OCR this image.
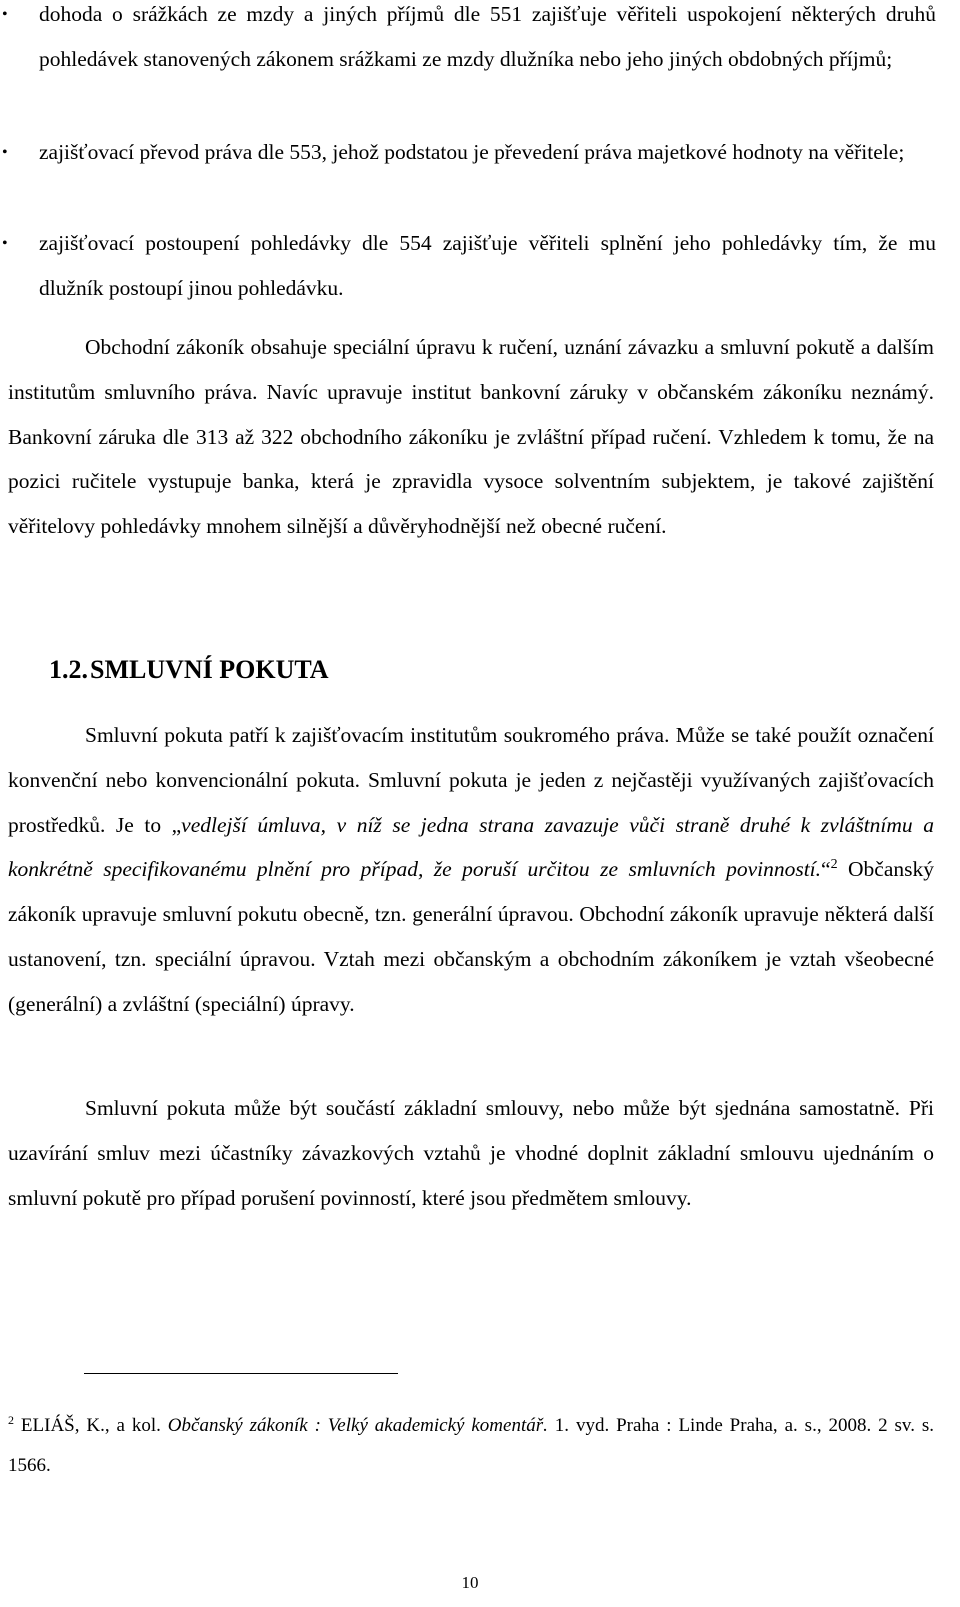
• dohoda o srážkách ze mzdy a jiných příjmů dle 551 zajišťuje věřiteli uspokojení některých druhů pohledávek stanovených zákonem srážkami ze mzdy dlužníka nebo jeho jiných obdobných příjmů;
• zajišťovací převod práva dle 553, jehož podstatou je převedení práva majetkové hodnoty na věřitele;
• zajišťovací postoupení pohledávky dle 554 zajišťuje věřiteli splnění jeho pohledávky tím, že mu dlužník postoupí jinou pohledávku.

Obchodní zákoník obsahuje speciální úpravu k ručení, uznání závazku a smluvní pokutě a dalším institutům smluvního práva. Navíc upravuje institut bankovní záruky v občanském zákoníku neznámý. Bankovní záruka dle 313 až 322 obchodního zákoníku je zvláštní případ ručení. Vzhledem k tomu, že na pozici ručitele vystupuje banka, která je zpravidla vysoce solventním subjektem, je takové zajištění věřitelovy pohledávky mnohem silnější a důvěryhodnější než obecné ručení.

1.2.SMLUVNÍ POKUTA

Smluvní pokuta patří k zajišťovacím institutům soukromého práva. Může se také použít označení konvenční nebo konvencionální pokuta. Smluvní pokuta je jeden z nejčastěji využívaných zajišťovacích prostředků. Je to „vedlejší úmluva, v níž se jedna strana zavazuje vůči straně druhé k zvláštnímu a konkrétně specifikovanému plnění pro případ, že poruší určitou ze smluvních povinností.“$^2$ Občanský zákoník upravuje smluvní pokutu obecně, tzn. generální úpravou. Obchodní zákoník upravuje některá další ustanovení, tzn. speciální úpravou. Vztah mezi občanským a obchodním zákoníkem je vztah všeobecné (generální) a zvláštní (speciální) úpravy.

Smluvní pokuta může být součástí základní smlouvy, nebo může být sjednána samostatně. Při uzavírání smluv mezi účastníky závazkových vztahů je vhodné doplnit základní smlouvu ujednáním o smluvní pokutě pro případ porušení povinností, které jsou předmětem smlouvy.

$^2$ ELIÁŠ, K., a kol. Občanský zákoník : Velký akademický komentář. 1. vyd. Praha : Linde Praha, a. s., 2008. 2 sv. s. 1566.

10
